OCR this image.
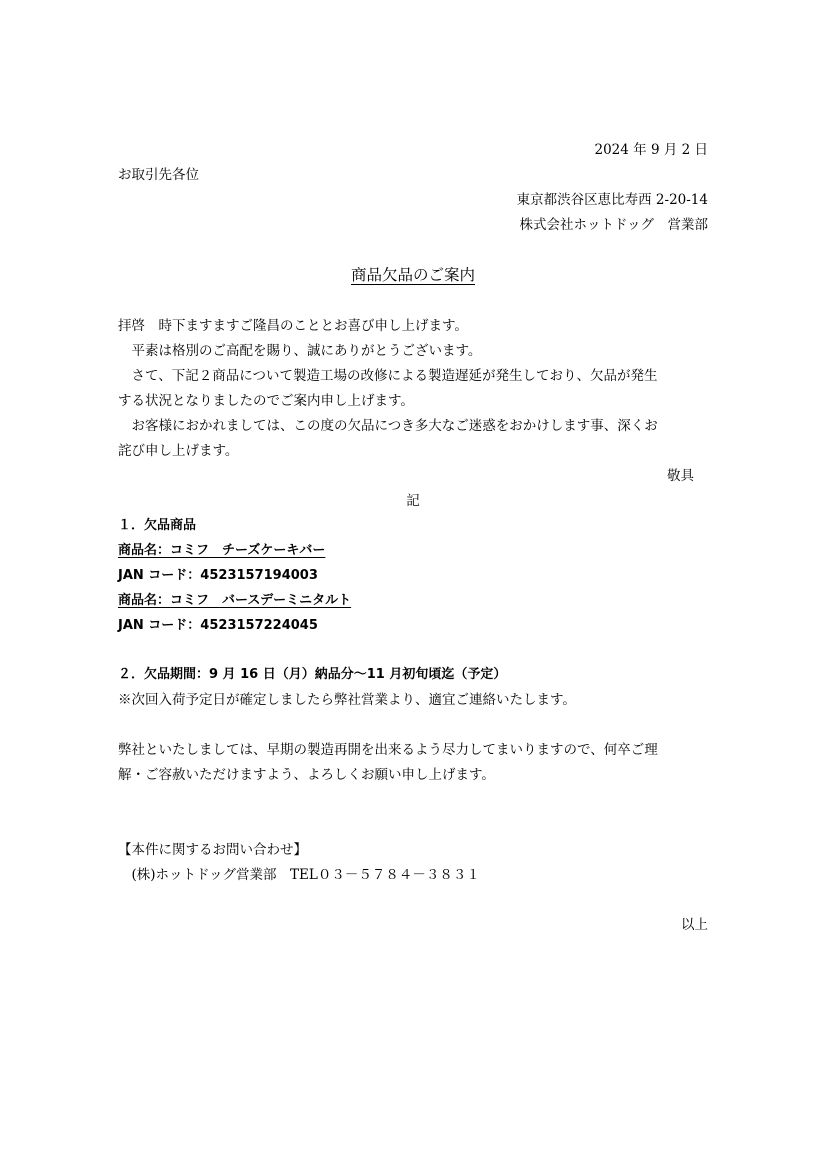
2024 年 9 月 2 日
お取引先各位
東京都渋谷区恵比寿西 2-20-14
株式会社ホットドッグ　営業部
商品欠品のご案内
拝啓　時下ますますご隆昌のこととお喜び申し上げます。
　平素は格別のご高配を賜り、誠にありがとうございます。
　さて、下記２商品について製造工場の改修による製造遅延が発生しており、欠品が発生
する状況となりましたのでご案内申し上げます。
　お客様におかれましては、この度の欠品につき多大なご迷惑をおかけします事、深くお
詫び申し上げます。
敬具
記
１．欠品商品
商品名：コミフ　チーズケーキバー
JAN コード：4523157194003
商品名：コミフ　バースデーミニタルト
JAN コード：4523157224045
２．欠品期間：9 月 16 日（月）納品分〜11 月初旬頃迄（予定）
※次回入荷予定日が確定しましたら弊社営業より、適宜ご連絡いたします。
弊社といたしましては、早期の製造再開を出来るよう尽力してまいりますので、何卒ご理
解・ご容赦いただけますよう、よろしくお願い申し上げます。
【本件に関するお問い合わせ】
　(株)ホットドッグ営業部　TEL０３－５７８４－３８３１
以上
